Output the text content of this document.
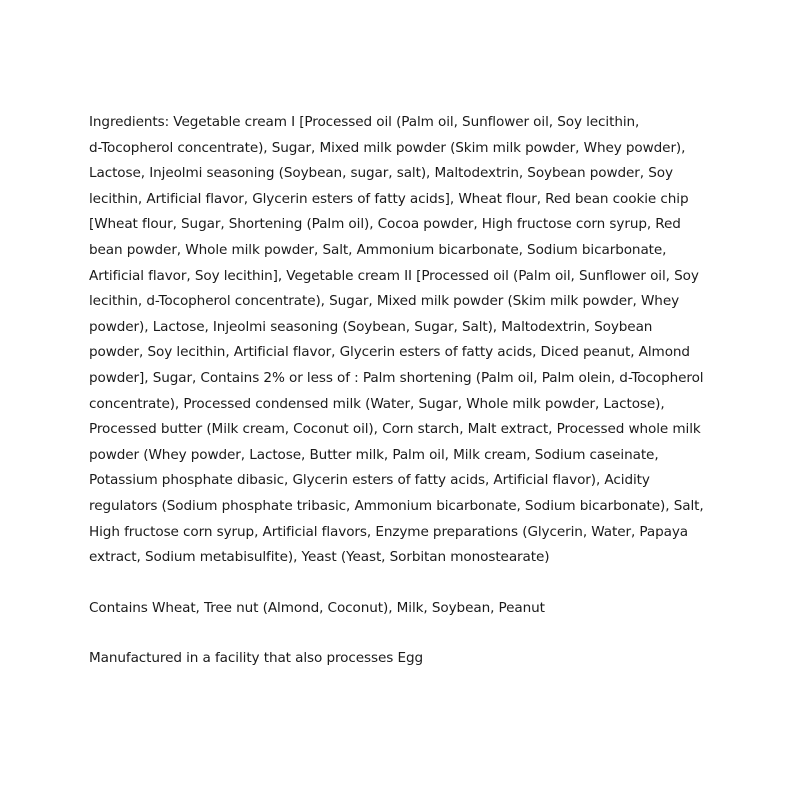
Ingredients: Vegetable cream I [Processed oil (Palm oil, Sunflower oil, Soy lecithin,
d-Tocopherol concentrate), Sugar, Mixed milk powder (Skim milk powder, Whey powder),
Lactose, Injeolmi seasoning (Soybean, sugar, salt), Maltodextrin, Soybean powder, Soy
lecithin, Artificial flavor, Glycerin esters of fatty acids], Wheat flour, Red bean cookie chip
[Wheat flour, Sugar, Shortening (Palm oil), Cocoa powder, High fructose corn syrup, Red
bean powder, Whole milk powder, Salt, Ammonium bicarbonate, Sodium bicarbonate,
Artificial flavor, Soy lecithin], Vegetable cream II [Processed oil (Palm oil, Sunflower oil, Soy
lecithin, d-Tocopherol concentrate), Sugar, Mixed milk powder (Skim milk powder, Whey
powder), Lactose, Injeolmi seasoning (Soybean, Sugar, Salt), Maltodextrin, Soybean
powder, Soy lecithin, Artificial flavor, Glycerin esters of fatty acids, Diced peanut, Almond
powder], Sugar, Contains 2% or less of : Palm shortening (Palm oil, Palm olein, d-Tocopherol
concentrate), Processed condensed milk (Water, Sugar, Whole milk powder, Lactose),
Processed butter (Milk cream, Coconut oil), Corn starch, Malt extract, Processed whole milk
powder (Whey powder, Lactose, Butter milk, Palm oil, Milk cream, Sodium caseinate,
Potassium phosphate dibasic, Glycerin esters of fatty acids, Artificial flavor), Acidity
regulators (Sodium phosphate tribasic, Ammonium bicarbonate, Sodium bicarbonate), Salt,
High fructose corn syrup, Artificial flavors, Enzyme preparations (Glycerin, Water, Papaya
extract, Sodium metabisulfite), Yeast (Yeast, Sorbitan monostearate)

Contains Wheat, Tree nut (Almond, Coconut), Milk, Soybean, Peanut

Manufactured in a facility that also processes Egg
